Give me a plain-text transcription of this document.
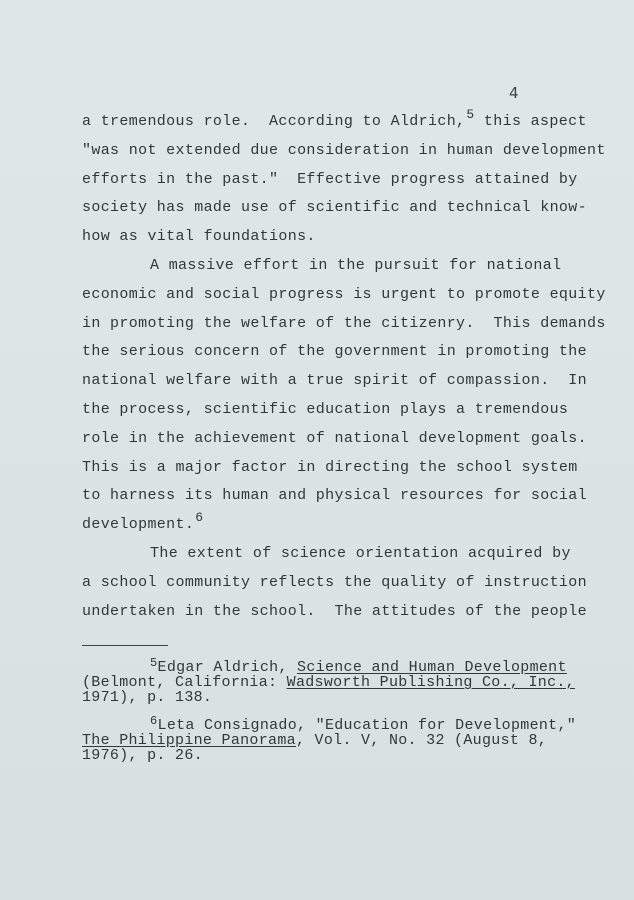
4
a tremendous role.  According to Aldrich,5 this aspect
"was not extended due consideration in human development
efforts in the past."  Effective progress attained by
society has made use of scientific and technical know-
how as vital foundations.
A massive effort in the pursuit for national
economic and social progress is urgent to promote equity
in promoting the welfare of the citizenry.  This demands
the serious concern of the government in promoting the
national welfare with a true spirit of compassion.  In
the process, scientific education plays a tremendous
role in the achievement of national development goals.
This is a major factor in directing the school system
to harness its human and physical resources for social
development.6
The extent of science orientation acquired by
a school community reflects the quality of instruction
undertaken in the school.  The attitudes of the people
5Edgar Aldrich, Science and Human Development
(Belmont, California: Wadsworth Publishing Co., Inc.,
1971), p. 138.
6Leta Consignado, "Education for Development,"
The Philippine Panorama, Vol. V, No. 32 (August 8,
1976), p. 26.
